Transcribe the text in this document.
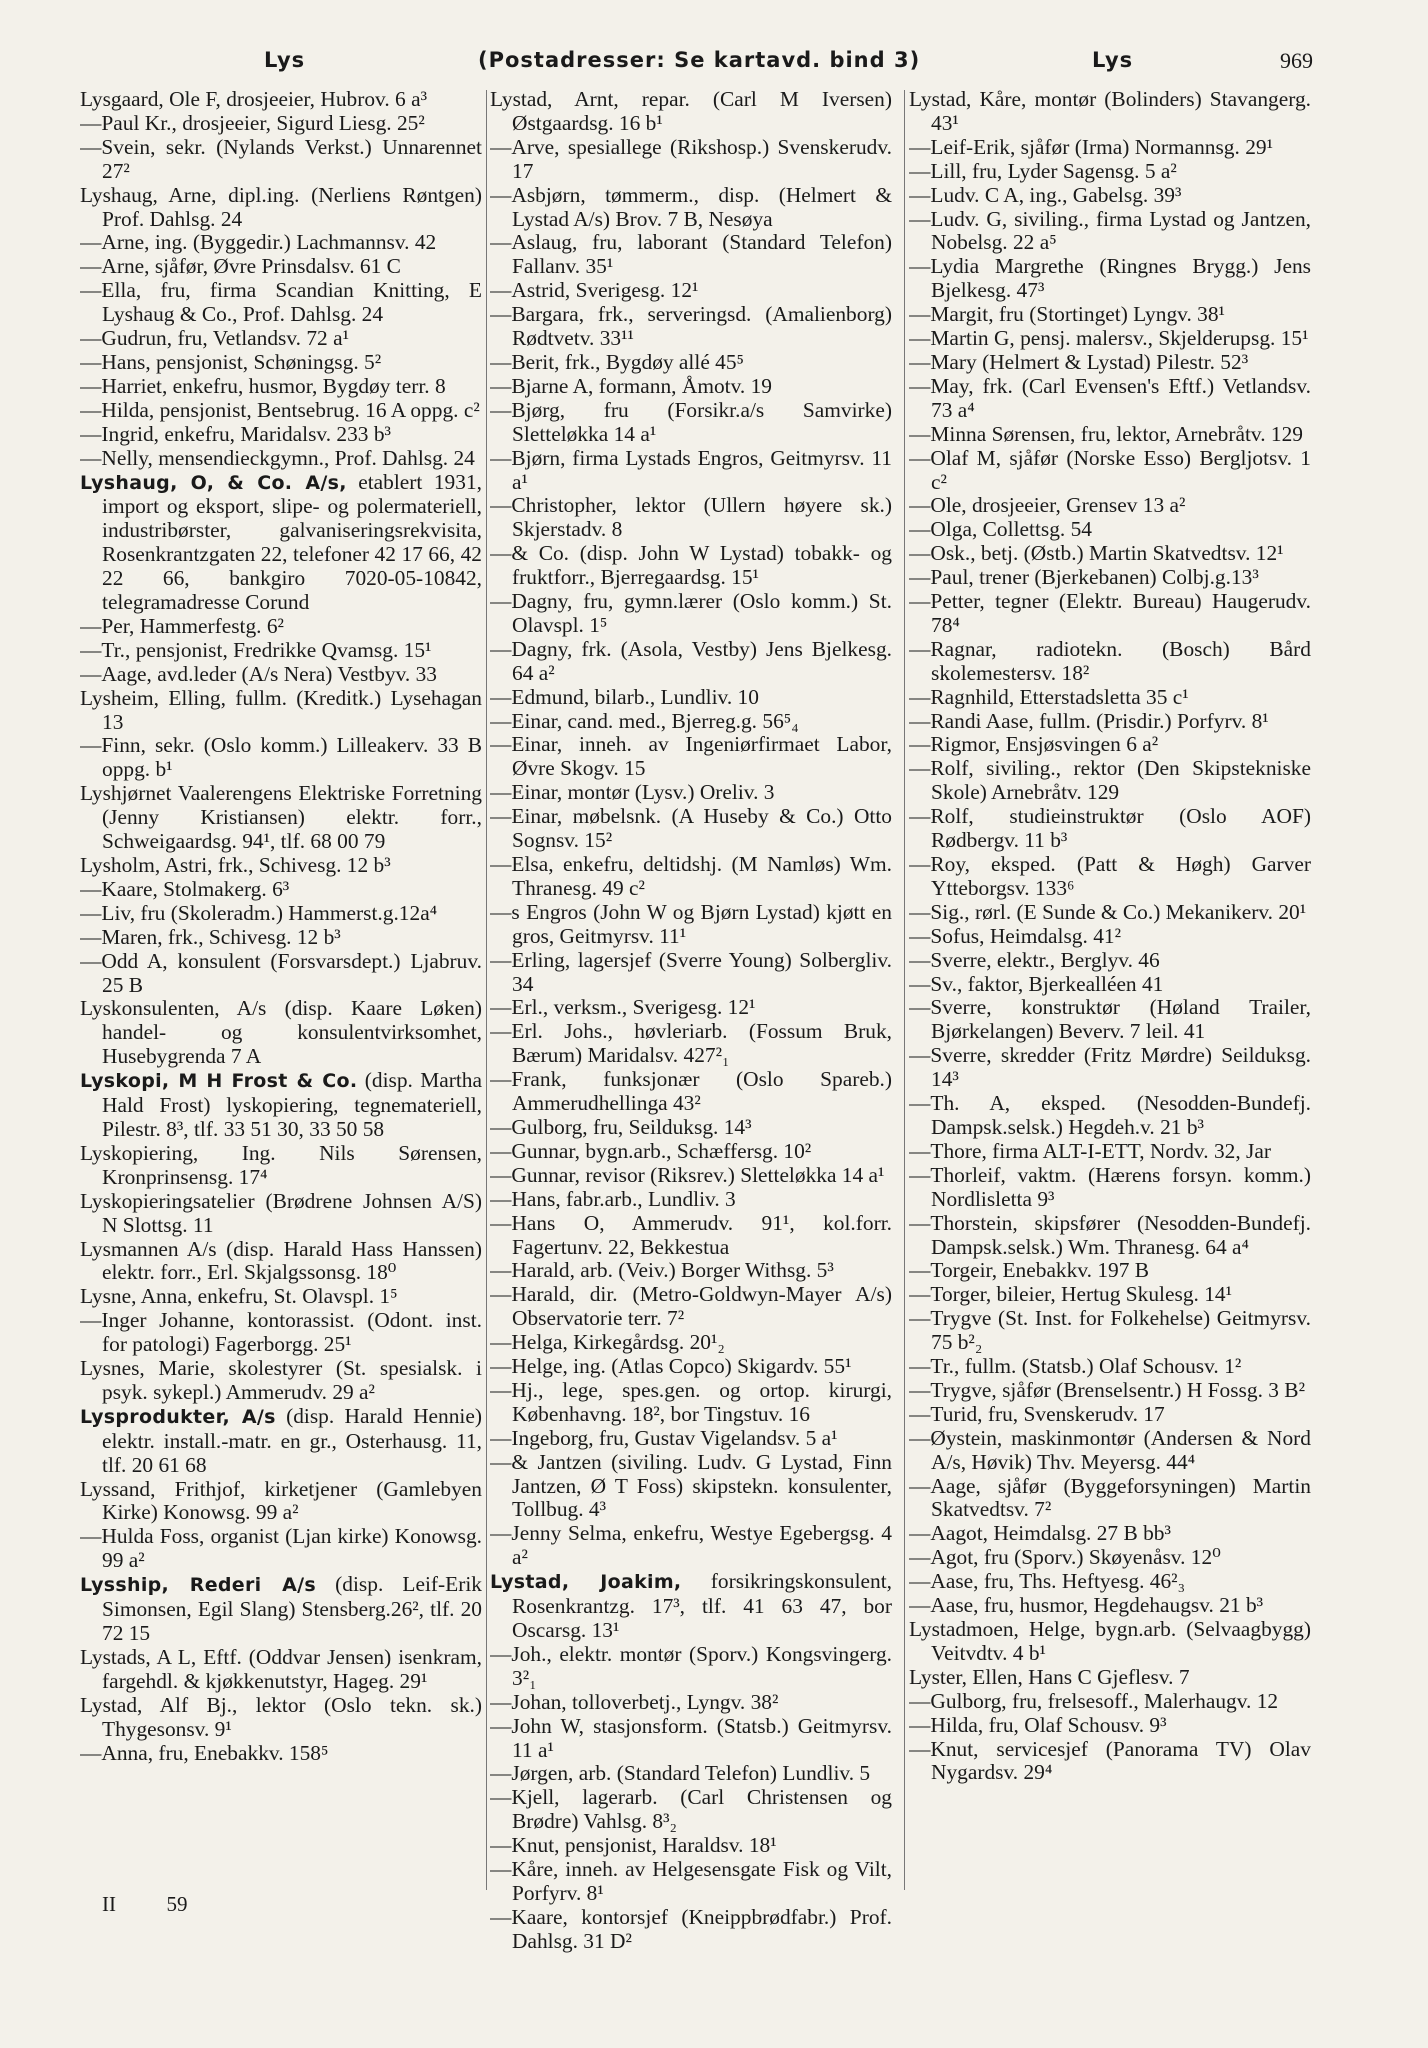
Lys	(Postadresser: Se kartavd. bind 3)	Lys	969

Lysgaard, Ole F, drosjeeier, Hubrov. 6 a³

—Paul Kr., drosjeeier, Sigurd Liesg. 25²

—Svein, sekr. (Nylands Verkst.) Unnarennet 27²

Lyshaug, Arne, dipl.ing. (Nerliens Røntgen) Prof. Dahlsg. 24

—Arne, ing. (Byggedir.) Lachmannsv. 42

—Arne, sjåfør, Øvre Prinsdalsv. 61 C

—Ella, fru, firma Scandian Knitting, E Lyshaug & Co., Prof. Dahlsg. 24

—Gudrun, fru, Vetlandsv. 72 a¹

—Hans, pensjonist, Schøningsg. 5²

—Harriet, enkefru, husmor, Bygdøy terr. 8

—Hilda, pensjonist, Bentsebrug. 16 A oppg. c²

—Ingrid, enkefru, Maridalsv. 233 b³

—Nelly, mensendieckgymn., Prof. Dahlsg. 24

Lyshaug, O, & Co. A/s, etablert 1931, import og eksport, slipe- og polermateriell, industribørster, galvaniseringsrekvisita, Rosenkrantzgaten 22, telefoner 42 17 66, 42 22 66, bankgiro 7020-05-10842, telegramadresse Corund

—Per, Hammerfestg. 6²

—Tr., pensjonist, Fredrikke Qvamsg. 15¹

—Aage, avd.leder (A/s Nera) Vestbyv. 33

Lysheim, Elling, fullm. (Kreditk.) Lysehagan 13

—Finn, sekr. (Oslo komm.) Lilleakerv. 33 B oppg. b¹

Lyshjørnet Vaalerengens Elektriske Forretning (Jenny Kristiansen) elektr. forr., Schweigaardsg. 94¹, tlf. 68 00 79

Lysholm, Astri, frk., Schivesg. 12 b³

—Kaare, Stolmakerg. 6³

—Liv, fru (Skoleradm.) Hammerst.g.12a⁴

—Maren, frk., Schivesg. 12 b³

—Odd A, konsulent (Forsvarsdept.) Ljabruv. 25 B

Lyskonsulenten, A/s (disp. Kaare Løken) handel- og konsulentvirksomhet, Husebygrenda 7 A

Lyskopi, M H Frost & Co. (disp. Martha Hald Frost) lyskopiering, tegnemateriell, Pilestr. 8³, tlf. 33 51 30, 33 50 58

Lyskopiering, Ing. Nils Sørensen, Kronprinsensg. 17⁴

Lyskopieringsatelier (Brødrene Johnsen A/S) N Slottsg. 11

Lysmannen A/s (disp. Harald Hass Hanssen) elektr. forr., Erl. Skjalgssonsg. 18⁰

Lysne, Anna, enkefru, St. Olavspl. 1⁵

—Inger Johanne, kontorassist. (Odont. inst. for patologi) Fagerborgg. 25¹

Lysnes, Marie, skolestyrer (St. spesialsk. i psyk. sykepl.) Ammerudv. 29 a²

Lysprodukter, A/s (disp. Harald Hennie) elektr. install.-matr. en gr., Osterhausg. 11, tlf. 20 61 68

Lyssand, Frithjof, kirketjener (Gamlebyen Kirke) Konowsg. 99 a²

—Hulda Foss, organist (Ljan kirke) Konowsg. 99 a²

Lysship, Rederi A/s (disp. Leif-Erik Simonsen, Egil Slang) Stensberg.26², tlf. 20 72 15

Lystads, A L, Eftf. (Oddvar Jensen) isenkram, fargehdl. & kjøkkenutstyr, Hageg. 29¹

Lystad, Alf Bj., lektor (Oslo tekn. sk.) Thygesonsv. 9¹

—Anna, fru, Enebakkv. 158⁵

Lystad, Arnt, repar. (Carl M Iversen) Østgaardsg. 16 b¹

—Arve, spesiallege (Rikshosp.) Svenskerudv. 17

—Asbjørn, tømmerm., disp. (Helmert & Lystad A/s) Brov. 7 B, Nesøya

—Aslaug, fru, laborant (Standard Telefon) Fallanv. 35¹

—Astrid, Sverigesg. 12¹

—Bargara, frk., serveringsd. (Amalienborg) Rødtvetv. 33¹¹

—Berit, frk., Bygdøy allé 45⁵

—Bjarne A, formann, Åmotv. 19

—Bjørg, fru (Forsikr.a/s Samvirke) Sletteløkka 14 a¹

—Bjørn, firma Lystads Engros, Geitmyrsv. 11 a¹

—Christopher, lektor (Ullern høyere sk.) Skjerstadv. 8

—& Co. (disp. John W Lystad) tobakk- og fruktforr., Bjerregaardsg. 15¹

—Dagny, fru, gymn.lærer (Oslo komm.) St. Olavspl. 1⁵

—Dagny, frk. (Asola, Vestby) Jens Bjelkesg. 64 a²

—Edmund, bilarb., Lundliv. 10

—Einar, cand. med., Bjerreg.g. 56⁵₄

—Einar, inneh. av Ingeniørfirmaet Labor, Øvre Skogv. 15

—Einar, montør (Lysv.) Oreliv. 3

—Einar, møbelsnk. (A Huseby & Co.) Otto Sognsv. 15²

—Elsa, enkefru, deltidshj. (M Namløs) Wm. Thranesg. 49 c²

—s Engros (John W og Bjørn Lystad) kjøtt en gros, Geitmyrsv. 11¹

—Erling, lagersjef (Sverre Young) Solbergliv. 34

—Erl., verksm., Sverigesg. 12¹

—Erl. Johs., høvleriarb. (Fossum Bruk, Bærum) Maridalsv. 427²₁

—Frank, funksjonær (Oslo Spareb.) Ammerudhellinga 43²

—Gulborg, fru, Seilduksg. 14³

—Gunnar, bygn.arb., Schæffersg. 10²

—Gunnar, revisor (Riksrev.) Sletteløkka 14 a¹

—Hans, fabr.arb., Lundliv. 3

—Hans O, Ammerudv. 91¹, kol.forr. Fagertunv. 22, Bekkestua

—Harald, arb. (Veiv.) Borger Withsg. 5³

—Harald, dir. (Metro-Goldwyn-Mayer A/s) Observatorie terr. 7²

—Helga, Kirkegårdsg. 20¹₂

—Helge, ing. (Atlas Copco) Skigardv. 55¹

—Hj., lege, spes.gen. og ortop. kirurgi, Københavng. 18², bor Tingstuv. 16

—Ingeborg, fru, Gustav Vigelandsv. 5 a¹

—& Jantzen (siviling. Ludv. G Lystad, Finn Jantzen, Ø T Foss) skipstekn. konsulenter, Tollbug. 4³

—Jenny Selma, enkefru, Westye Egebergsg. 4 a²

Lystad, Joakim, forsikringskonsulent, Rosenkrantzg. 17³, tlf. 41 63 47, bor Oscarsg. 13¹

—Joh., elektr. montør (Sporv.) Kongsvingerg. 3²₁

—Johan, tolloverbetj., Lyngv. 38²

—John W, stasjonsform. (Statsb.) Geitmyrsv. 11 a¹

—Jørgen, arb. (Standard Telefon) Lundliv. 5

—Kjell, lagerarb. (Carl Christensen og Brødre) Vahlsg. 8³₂

—Knut, pensjonist, Haraldsv. 18¹

—Kåre, inneh. av Helgesensgate Fisk og Vilt, Porfyrv. 8¹

—Kaare, kontorsjef (Kneippbrødfabr.) Prof. Dahlsg. 31 D²

Lystad, Kåre, montør (Bolinders) Stavangerg. 43¹

—Leif-Erik, sjåfør (Irma) Normannsg. 29¹

—Lill, fru, Lyder Sagensg. 5 a²

—Ludv. C A, ing., Gabelsg. 39³

—Ludv. G, siviling., firma Lystad og Jantzen, Nobelsg. 22 a⁵

—Lydia Margrethe (Ringnes Brygg.) Jens Bjelkesg. 47³

—Margit, fru (Stortinget) Lyngv. 38¹

—Martin G, pensj. malersv., Skjelderupsg. 15¹

—Mary (Helmert & Lystad) Pilestr. 52³

—May, frk. (Carl Evensen's Eftf.) Vetlandsv. 73 a⁴

—Minna Sørensen, fru, lektor, Arnebråtv. 129

—Olaf M, sjåfør (Norske Esso) Bergljotsv. 1 c²

—Ole, drosjeeier, Grensev 13 a²

—Olga, Collettsg. 54

—Osk., betj. (Østb.) Martin Skatvedtsv. 12¹

—Paul, trener (Bjerkebanen) Colbj.g.13³

—Petter, tegner (Elektr. Bureau) Haugerudv. 78⁴

—Ragnar, radiotekn. (Bosch) Bård skolemestersv. 18²

—Ragnhild, Etterstadsletta 35 c¹

—Randi Aase, fullm. (Prisdir.) Porfyrv. 8¹

—Rigmor, Ensjøsvingen 6 a²

—Rolf, siviling., rektor (Den Skipstekniske Skole) Arnebråtv. 129

—Rolf, studieinstruktør (Oslo AOF) Rødbergv. 11 b³

—Roy, eksped. (Patt & Høgh) Garver Ytteborgsv. 133⁶

—Sig., rørl. (E Sunde & Co.) Mekanikerv. 20¹

—Sofus, Heimdalsg. 41²

—Sverre, elektr., Berglyv. 46

—Sv., faktor, Bjerkealléen 41

—Sverre, konstruktør (Høland Trailer, Bjørkelangen) Beverv. 7 leil. 41

—Sverre, skredder (Fritz Mørdre) Seilduksg. 14³

—Th. A, eksped. (Nesodden-Bundefj. Dampsk.selsk.) Hegdeh.v. 21 b³

—Thore, firma ALT-I-ETT, Nordv. 32, Jar

—Thorleif, vaktm. (Hærens forsyn. komm.) Nordlisletta 9³

—Thorstein, skipsfører (Nesodden-Bundefj. Dampsk.selsk.) Wm. Thranesg. 64 a⁴

—Torgeir, Enebakkv. 197 B

—Torger, bileier, Hertug Skulesg. 14¹

—Trygve (St. Inst. for Folkehelse) Geitmyrsv. 75 b²₂

—Tr., fullm. (Statsb.) Olaf Schousv. 1²

—Trygve, sjåfør (Brenselsentr.) H Fossg. 3 B²

—Turid, fru, Svenskerudv. 17

—Øystein, maskinmontør (Andersen & Nord A/s, Høvik) Thv. Meyersg. 44⁴

—Aage, sjåfør (Byggeforsyningen) Martin Skatvedtsv. 7²

—Aagot, Heimdalsg. 27 B bb³

—Agot, fru (Sporv.) Skøyenåsv. 12⁰

—Aase, fru, Ths. Heftyesg. 46²₃

—Aase, fru, husmor, Hegdehaugsv. 21 b³

Lystadmoen, Helge, bygn.arb. (Selvaagbygg) Veitvdtv. 4 b¹

Lyster, Ellen, Hans C Gjeflesv. 7

—Gulborg, fru, frelsesoff., Malerhaugv. 12

—Hilda, fru, Olaf Schousv. 9³

—Knut, servicesjef (Panorama TV) Olav Nygardsv. 29⁴

II 59
